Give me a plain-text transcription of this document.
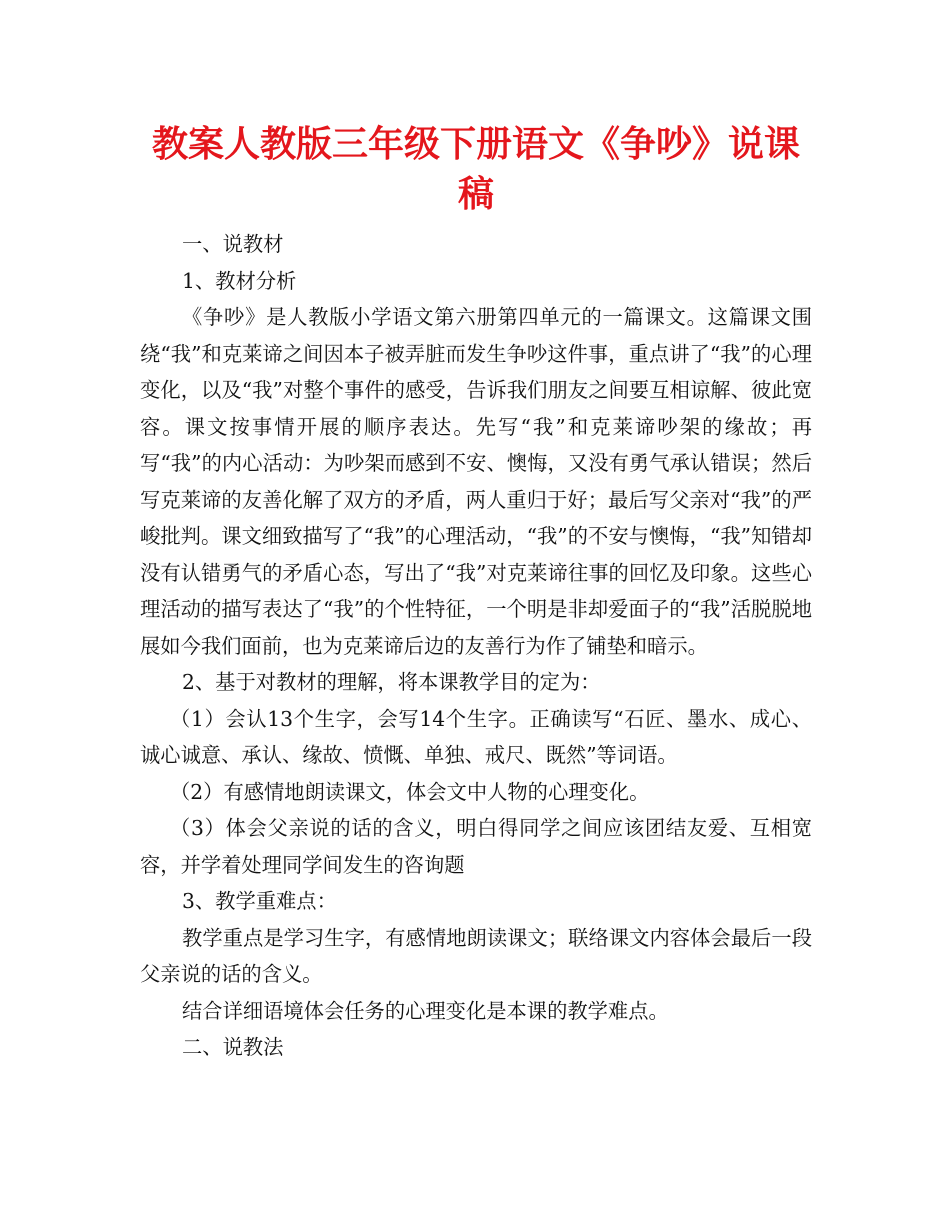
教案人教版三年级下册语文《争吵》说课稿

一、说教材

1、教材分析

《争吵》是人教版小学语文第六册第四单元的一篇课文。这篇课文围绕“我”和克莱谛之间因本子被弄脏而发生争吵这件事，重点讲了“我”的心理变化，以及“我”对整个事件的感受，告诉我们朋友之间要互相谅解、彼此宽容。课文按事情开展的顺序表达。先写“我”和克莱谛吵架的缘故；再写“我”的内心活动：为吵架而感到不安、懊悔，又没有勇气承认错误；然后写克莱谛的友善化解了双方的矛盾，两人重归于好；最后写父亲对“我”的严峻批判。课文细致描写了“我”的心理活动，“我”的不安与懊悔，“我”知错却没有认错勇气的矛盾心态，写出了“我”对克莱谛往事的回忆及印象。这些心理活动的描写表达了“我”的个性特征，一个明是非却爱面子的“我”活脱脱地展如今我们面前，也为克莱谛后边的友善行为作了铺垫和暗示。

2、基于对教材的理解，将本课教学目的定为：

（1）会认13个生字，会写14个生字。正确读写“石匠、墨水、成心、诚心诚意、承认、缘故、愤慨、单独、戒尺、既然”等词语。

（2）有感情地朗读课文，体会文中人物的心理变化。

（3）体会父亲说的话的含义，明白得同学之间应该团结友爱、互相宽容，并学着处理同学间发生的咨询题

3、教学重难点：

教学重点是学习生字，有感情地朗读课文；联络课文内容体会最后一段父亲说的话的含义。

结合详细语境体会任务的心理变化是本课的教学难点。

二、说教法
